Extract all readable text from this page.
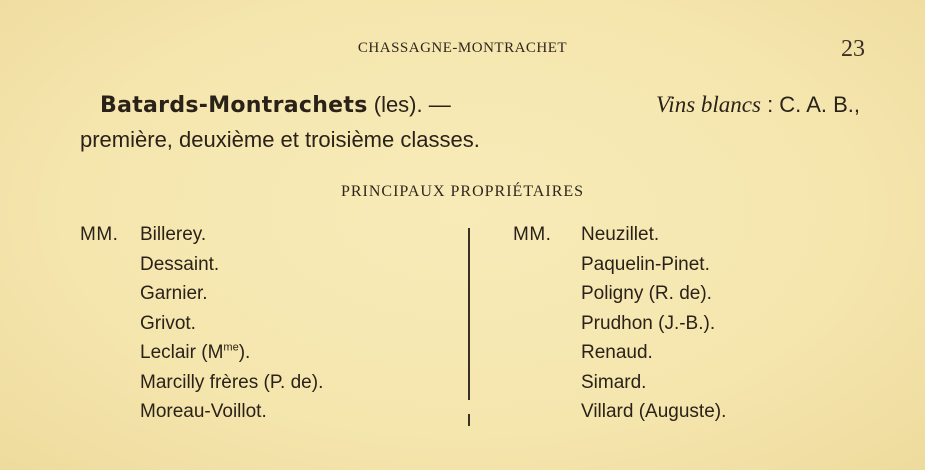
CHASSAGNE-MONTRACHET	23
Batards-Montrachets (les). —	Vins blancs : C. A. B.,
première, deuxième et troisième classes.
PRINCIPAUX PROPRIÉTAIRES
MM. Billerey.
Dessaint.
Garnier.
Grivot.
Leclair $(M^{me})$.
Marcilly frères (P. de).
Moreau-Voillot.
MM. Neuzillet.
Paquelin-Pinet.
Poligny (R. de).
Prudhon (J.-B.).
Renaud.
Simard.
Villard (Auguste).
